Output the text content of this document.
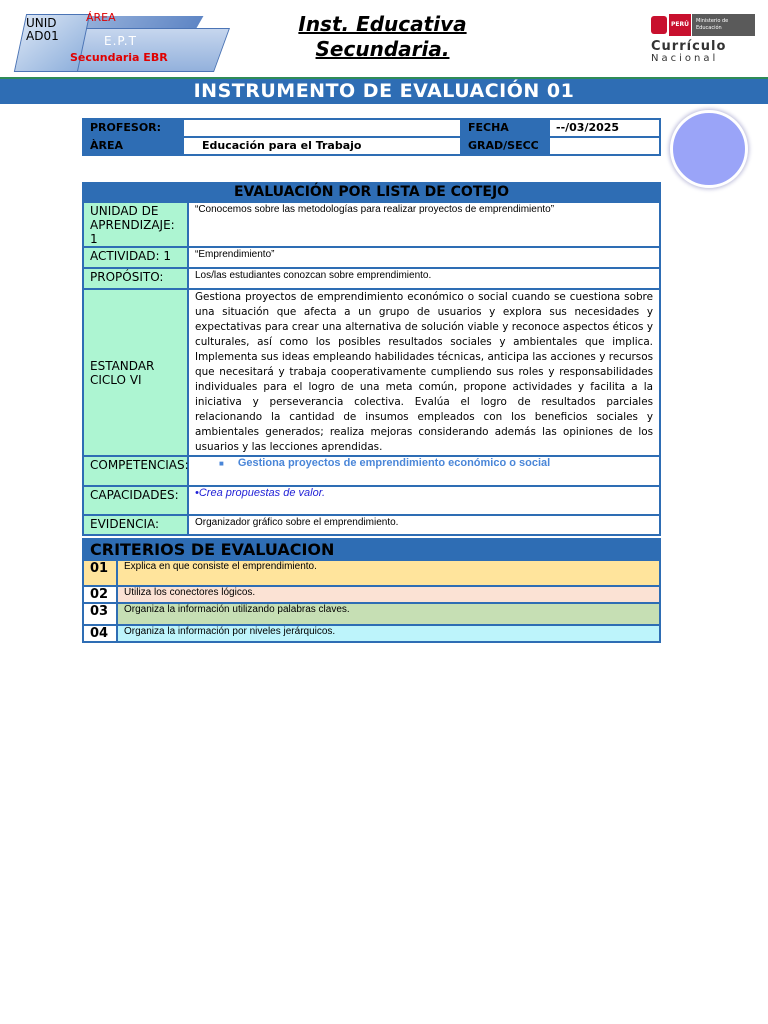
UNID AD01
ÁREA
E.P.T
Secundaria EBR
Inst. Educativa Secundaria.
PERÚ	Ministerio de Educación
Currículo
Nacional
INSTRUMENTO DE EVALUACIÓN 01
PROFESOR:		FECHA	--/03/2025
ÀREA	Educación para el Trabajo	GRAD/SECC	
EVALUACIÓN POR LISTA DE COTEJO	
UNIDAD DE APRENDIZAJE: 1	“Conocemos sobre las metodologías para realizar proyectos de emprendimiento”
ACTIVIDAD: 1	“Emprendimiento”
PROPÓSITO:	Los/las estudiantes conozcan sobre emprendimiento.
ESTANDAR CICLO VI	Gestiona proyectos de emprendimiento económico o social cuando se cuestiona sobre una situación que afecta a un grupo de usuarios y explora sus necesidades y expectativas para crear una alternativa de solución viable y reconoce aspectos éticos y culturales, así como los posibles resultados sociales y ambientales que implica. Implementa sus ideas empleando habilidades técnicas, anticipa las acciones y recursos que necesitará y trabaja cooperativamente cumpliendo sus roles y responsabilidades individuales para el logro de una meta común, propone actividades y facilita a la iniciativa y perseverancia colectiva. Evalúa el logro de resultados parciales relacionando la cantidad de insumos empleados con los beneficios sociales y ambientales generados; realiza mejoras considerando además las opiniones de los usuarios y las lecciones aprendidas.
COMPETENCIAS:	■ Gestiona proyectos de emprendimiento económico o social
CAPACIDADES:	•Crea propuestas de valor.
EVIDENCIA:	Organizador gráfico sobre el emprendimiento.
CRITERIOS DE EVALUACION	
01	Explica en que consiste el emprendimiento.
02	Utiliza los conectores lógicos.
03	Organiza la información utilizando palabras claves.
04	Organiza la información por niveles jerárquicos.
